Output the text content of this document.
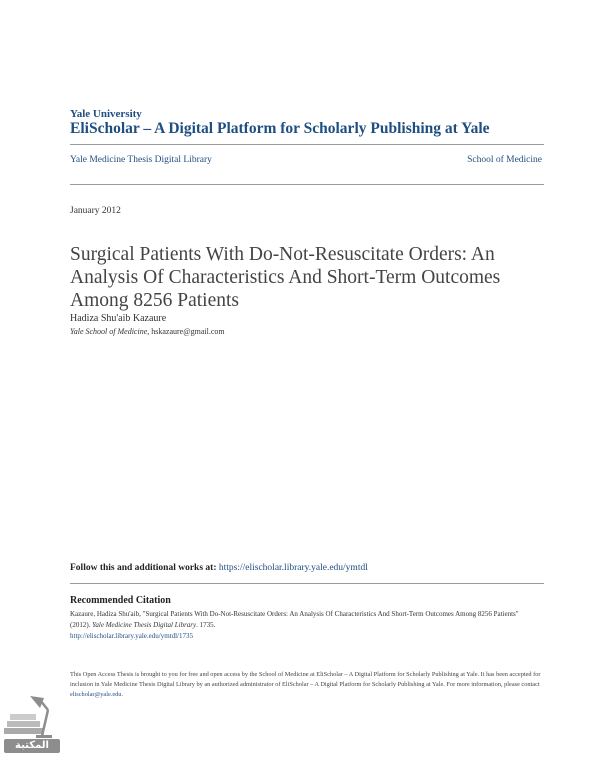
Yale University
EliScholar – A Digital Platform for Scholarly Publishing at Yale
Yale Medicine Thesis Digital Library	School of Medicine
January 2012
Surgical Patients With Do-Not-Resuscitate Orders: An Analysis Of Characteristics And Short-Term Outcomes Among 8256 Patients
Hadiza Shu'aib Kazaure
Yale School of Medicine, hskazaure@gmail.com
Follow this and additional works at: https://elischolar.library.yale.edu/ymtdl
Recommended Citation
Kazaure, Hadiza Shu'aib, "Surgical Patients With Do-Not-Resuscitate Orders: An Analysis Of Characteristics And Short-Term Outcomes Among 8256 Patients" (2012). Yale Medicine Thesis Digital Library. 1735.
http://elischolar.library.yale.edu/ymtdl/1735
This Open Access Thesis is brought to you for free and open access by the School of Medicine at EliScholar – A Digital Platform for Scholarly Publishing at Yale. It has been accepted for inclusion in Yale Medicine Thesis Digital Library by an authorized administrator of EliScholar – A Digital Platform for Scholarly Publishing at Yale. For more information, please contact elischolar@yale.edu.
المكتبة
